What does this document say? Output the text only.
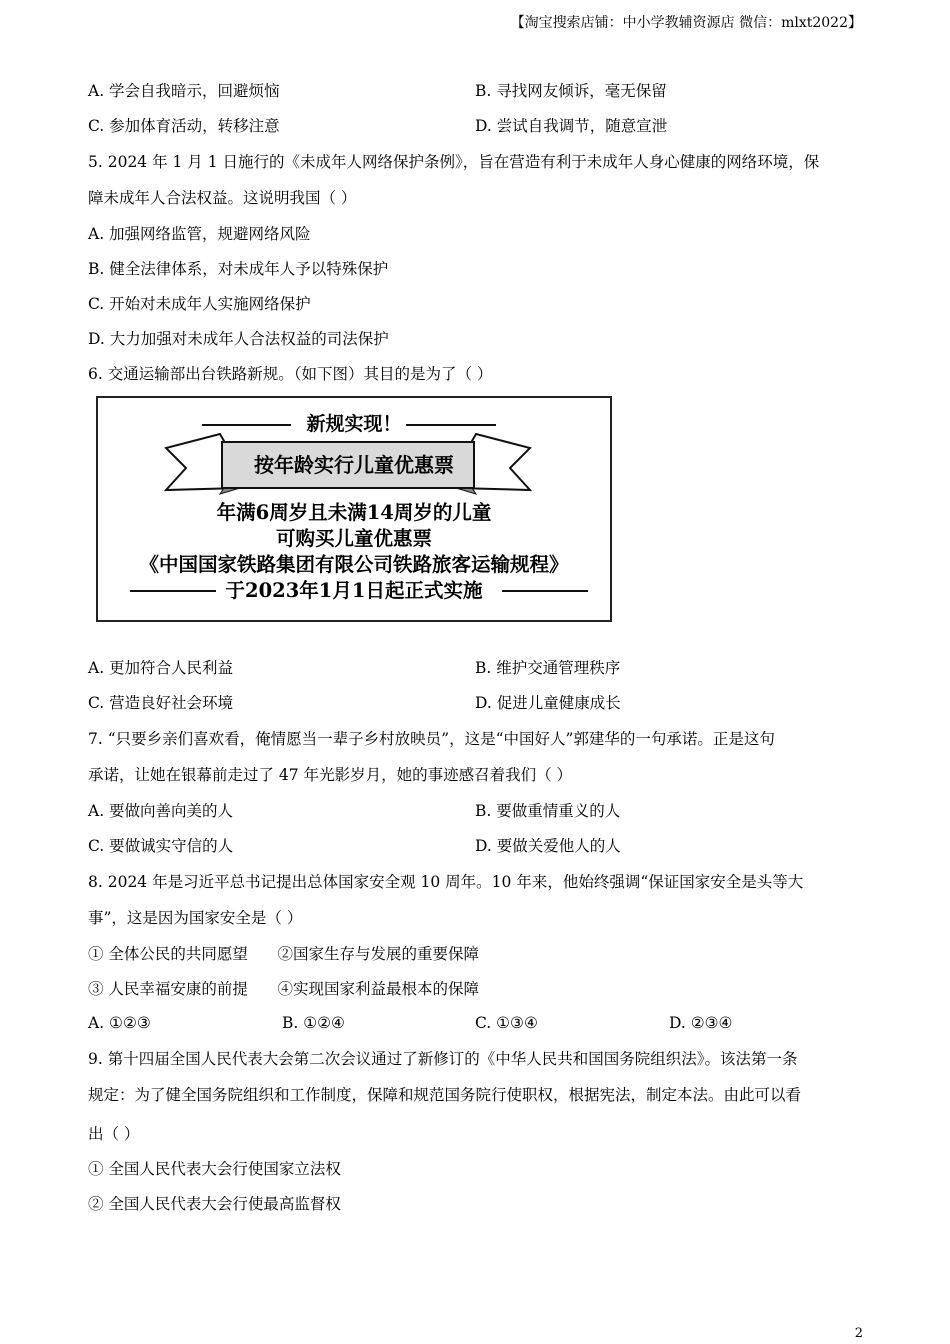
【淘宝搜索店铺：中小学教辅资源店 微信：mlxt2022】
A. 学会自我暗示，回避烦恼	B. 寻找网友倾诉，毫无保留
C. 参加体育活动，转移注意	D. 尝试自我调节，随意宣泄
5. 2024 年 1 月 1 日施行的《未成年人网络保护条例》，旨在营造有利于未成年人身心健康的网络环境，保
障未成年人合法权益。这说明我国（ ）
A. 加强网络监管，规避网络风险
B. 健全法律体系，对未成年人予以特殊保护
C. 开始对未成年人实施网络保护
D. 大力加强对未成年人合法权益的司法保护
6. 交通运输部出台铁路新规。（如下图）其目的是为了（ ）
新规实现！
按年龄实行儿童优惠票
年满6周岁且未满14周岁的儿童
可购买儿童优惠票
《中国国家铁路集团有限公司铁路旅客运输规程》
于2023年1月1日起正式实施
A. 更加符合人民利益	B. 维护交通管理秩序
C. 营造良好社会环境	D. 促进儿童健康成长
7. “只要乡亲们喜欢看，俺情愿当一辈子乡村放映员”，这是“中国好人”郭建华的一句承诺。正是这句
承诺，让她在银幕前走过了 47 年光影岁月，她的事迹感召着我们（ ）
A. 要做向善向美的人	B. 要做重情重义的人
C. 要做诚实守信的人	D. 要做关爱他人的人
8. 2024 年是习近平总书记提出总体国家安全观 10 周年。10 年来，他始终强调“保证国家安全是头等大
事”，这是因为国家安全是（ ）
① 全体公民的共同愿望      ②国家生存与发展的重要保障
③ 人民幸福安康的前提      ④实现国家利益最根本的保障
A. ①②③	B. ①②④	C. ①③④	D. ②③④
9. 第十四届全国人民代表大会第二次会议通过了新修订的《中华人民共和国国务院组织法》。该法第一条
规定：为了健全国务院组织和工作制度，保障和规范国务院行使职权，根据宪法，制定本法。由此可以看
出（ ）
① 全国人民代表大会行使国家立法权
② 全国人民代表大会行使最高监督权
2
